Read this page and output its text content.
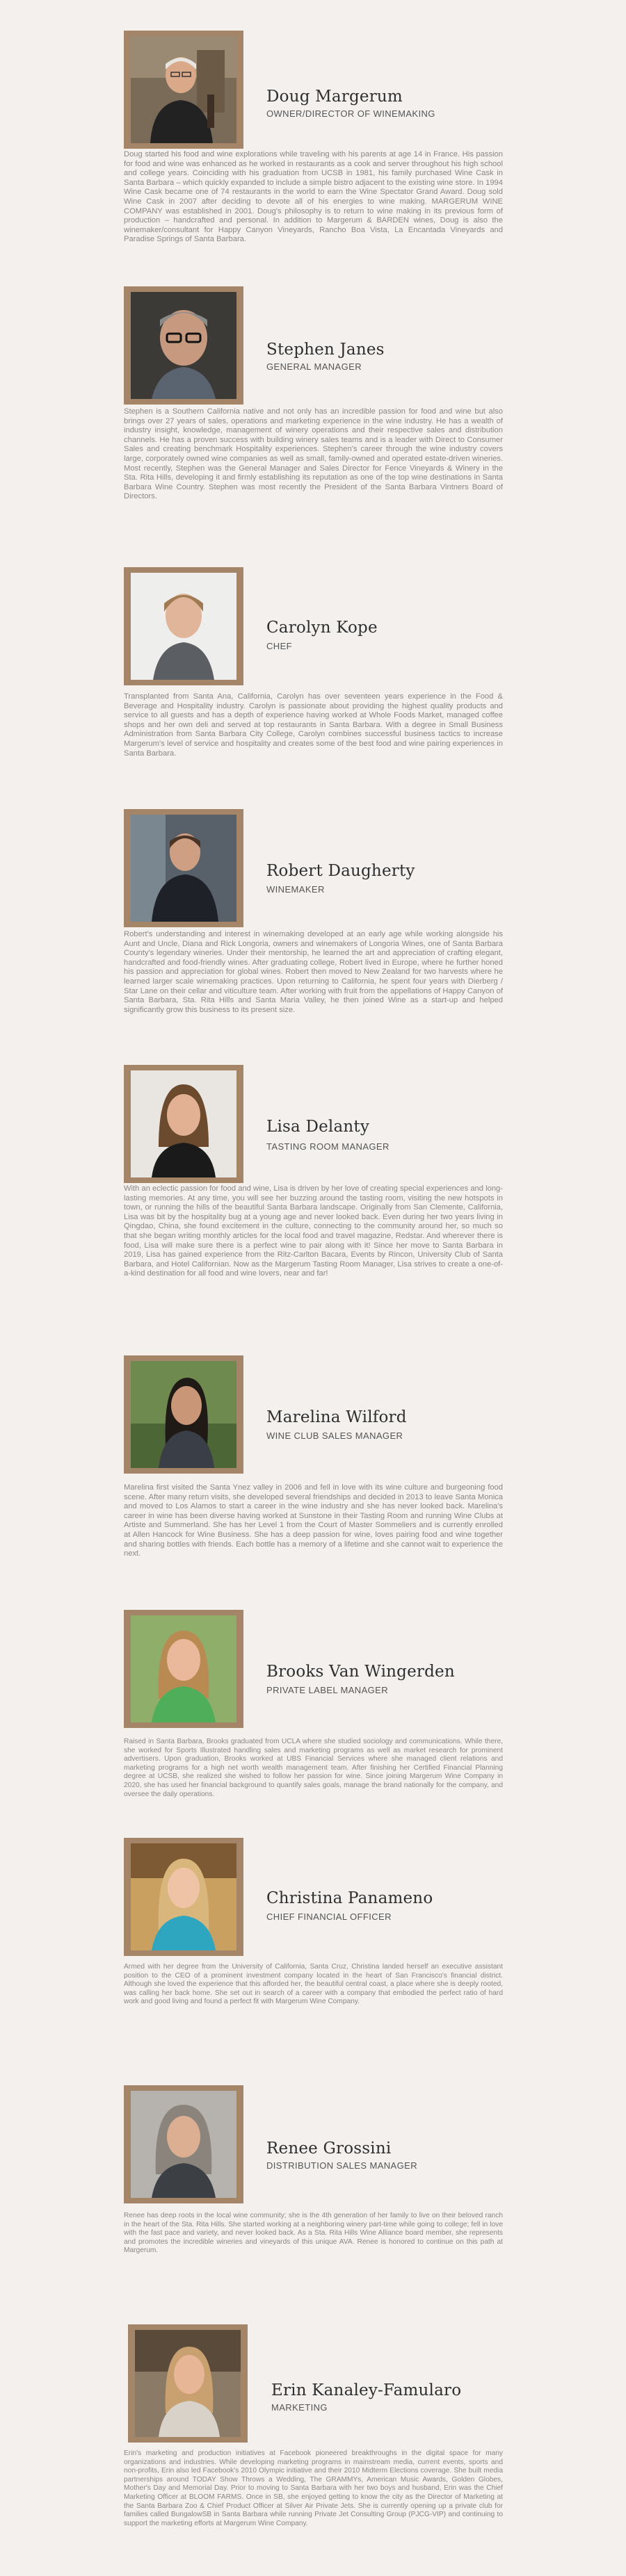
Doug Margerum
OWNER/DIRECTOR OF WINEMAKING

Doug started his food and wine explorations while traveling with his parents at age 14 in France. His passion for food and wine was enhanced as he worked in restaurants as a cook and server throughout his high school and college years. Coinciding with his graduation from UCSB in 1981, his family purchased Wine Cask in Santa Barbara – which quickly expanded to include a simple bistro adjacent to the existing wine store. In 1994 Wine Cask became one of 74 restaurants in the world to earn the Wine Spectator Grand Award. Doug sold Wine Cask in 2007 after deciding to devote all of his energies to wine making. MARGERUM WINE COMPANY was established in 2001. Doug's philosophy is to return to wine making in its previous form of production – handcrafted and personal. In addition to Margerum & BARDEN wines, Doug is also the winemaker/consultant for Happy Canyon Vineyards, Rancho Boa Vista, La Encantada Vineyards and Paradise Springs of Santa Barbara.

Stephen Janes
GENERAL MANAGER

Stephen is a Southern California native and not only has an incredible passion for food and wine but also brings over 27 years of sales, operations and marketing experience in the wine industry. He has a wealth of industry insight, knowledge, management of winery operations and their respective sales and distribution channels. He has a proven success with building winery sales teams and is a leader with Direct to Consumer Sales and creating benchmark Hospitality experiences. Stephen's career through the wine industry covers large, corporately owned wine companies as well as small, family-owned and operated estate-driven wineries. Most recently, Stephen was the General Manager and Sales Director for Fence Vineyards & Winery in the Sta. Rita Hills, developing it and firmly establishing its reputation as one of the top wine destinations in Santa Barbara Wine Country. Stephen was most recently the President of the Santa Barbara Vintners Board of Directors.

Carolyn Kope
CHEF

Transplanted from Santa Ana, California, Carolyn has over seventeen years experience in the Food & Beverage and Hospitality industry. Carolyn is passionate about providing the highest quality products and service to all guests and has a depth of experience having worked at Whole Foods Market, managed coffee shops and her own deli and served at top restaurants in Santa Barbara. With a degree in Small Business Administration from Santa Barbara City College, Carolyn combines successful business tactics to increase Margerum's level of service and hospitality and creates some of the best food and wine pairing experiences in Santa Barbara.

Robert Daugherty
WINEMAKER

Robert's understanding and interest in winemaking developed at an early age while working alongside his Aunt and Uncle, Diana and Rick Longoria, owners and winemakers of Longoria Wines, one of Santa Barbara County's legendary wineries. Under their mentorship, he learned the art and appreciation of crafting elegant, handcrafted and food-friendly wines. After graduating college, Robert lived in Europe, where he further honed his passion and appreciation for global wines. Robert then moved to New Zealand for two harvests where he learned larger scale winemaking practices. Upon returning to California, he spent four years with Dierberg / Star Lane on their cellar and viticulture team. After working with fruit from the appellations of Happy Canyon of Santa Barbara, Sta. Rita Hills and Santa Maria Valley, he then joined Wine as a start-up and helped significantly grow this business to its present size.

Lisa Delanty
TASTING ROOM MANAGER

With an eclectic passion for food and wine, Lisa is driven by her love of creating special experiences and long-lasting memories. At any time, you will see her buzzing around the tasting room, visiting the new hotspots in town, or running the hills of the beautiful Santa Barbara landscape. Originally from San Clemente, California, Lisa was bit by the hospitality bug at a young age and never looked back. Even during her two years living in Qingdao, China, she found excitement in the culture, connecting to the community around her, so much so that she began writing monthly articles for the local food and travel magazine, Redstar. And wherever there is food, Lisa will make sure there is a perfect wine to pair along with it! Since her move to Santa Barbara in 2019, Lisa has gained experience from the Ritz-Carlton Bacara, Events by Rincon, University Club of Santa Barbara, and Hotel Californian. Now as the Margerum Tasting Room Manager, Lisa strives to create a one-of-a-kind destination for all food and wine lovers, near and far!

Marelina Wilford
WINE CLUB SALES MANAGER

Marelina first visited the Santa Ynez valley in 2006 and fell in love with its wine culture and burgeoning food scene. After many return visits, she developed several friendships and decided in 2013 to leave Santa Monica and moved to Los Alamos to start a career in the wine industry and she has never looked back. Marelina's career in wine has been diverse having worked at Sunstone in their Tasting Room and running Wine Clubs at Artiste and Summerland. She has her Level 1 from the Court of Master Sommeliers and is currently enrolled at Allen Hancock for Wine Business. She has a deep passion for wine, loves pairing food and wine together and sharing bottles with friends. Each bottle has a memory of a lifetime and she cannot wait to experience the next.

Brooks Van Wingerden
PRIVATE LABEL MANAGER

Raised in Santa Barbara, Brooks graduated from UCLA where she studied sociology and communications. While there, she worked for Sports Illustrated handling sales and marketing programs as well as market research for prominent advertisers. Upon graduation, Brooks worked at UBS Financial Services where she managed client relations and marketing programs for a high net worth wealth management team. After finishing her Certified Financial Planning degree at UCSB, she realized she wished to follow her passion for wine. Since joining Margerum Wine Company in 2020, she has used her financial background to quantify sales goals, manage the brand nationally for the company, and oversee the daily operations.

Christina Panameno
CHIEF FINANCIAL OFFICER

Armed with her degree from the University of California, Santa Cruz, Christina landed herself an executive assistant position to the CEO of a prominent investment company located in the heart of San Francisco's financial district. Although she loved the experience that this afforded her, the beautiful central coast, a place where she is deeply rooted, was calling her back home. She set out in search of a career with a company that embodied the perfect ratio of hard work and good living and found a perfect fit with Margerum Wine Company.

Renee Grossini
DISTRIBUTION SALES MANAGER

Renee has deep roots in the local wine community; she is the 4th generation of her family to live on their beloved ranch in the heart of the Sta. Rita Hills. She started working at a neighboring winery part-time while going to college; fell in love with the fast pace and variety, and never looked back. As a Sta. Rita Hills Wine Alliance board member, she represents and promotes the incredible wineries and vineyards of this unique AVA. Renee is honored to continue on this path at Margerum.

Erin Kanaley-Famularo
MARKETING

Erin's marketing and production initiatives at Facebook pioneered breakthroughs in the digital space for many organizations and industries. While developing marketing programs in mainstream media, current events, sports and non-profits, Erin also led Facebook's 2010 Olympic initiative and their 2010 Midterm Elections coverage. She built media partnerships around TODAY Show Throws a Wedding, The GRAMMYs, American Music Awards, Golden Globes, Mother's Day and Memorial Day. Prior to moving to Santa Barbara with her two boys and husband, Erin was the Chief Marketing Officer at BLOOM FARMS. Once in SB, she enjoyed getting to know the city as the Director of Marketing at the Santa Barbara Zoo & Chief Product Officer at Silver Air Private Jets. She is currently opening up a private club for families called BungalowSB in Santa Barbara while running Private Jet Consulting Group (PJCG-VIP) and continuing to support the marketing efforts at Margerum Wine Company.
